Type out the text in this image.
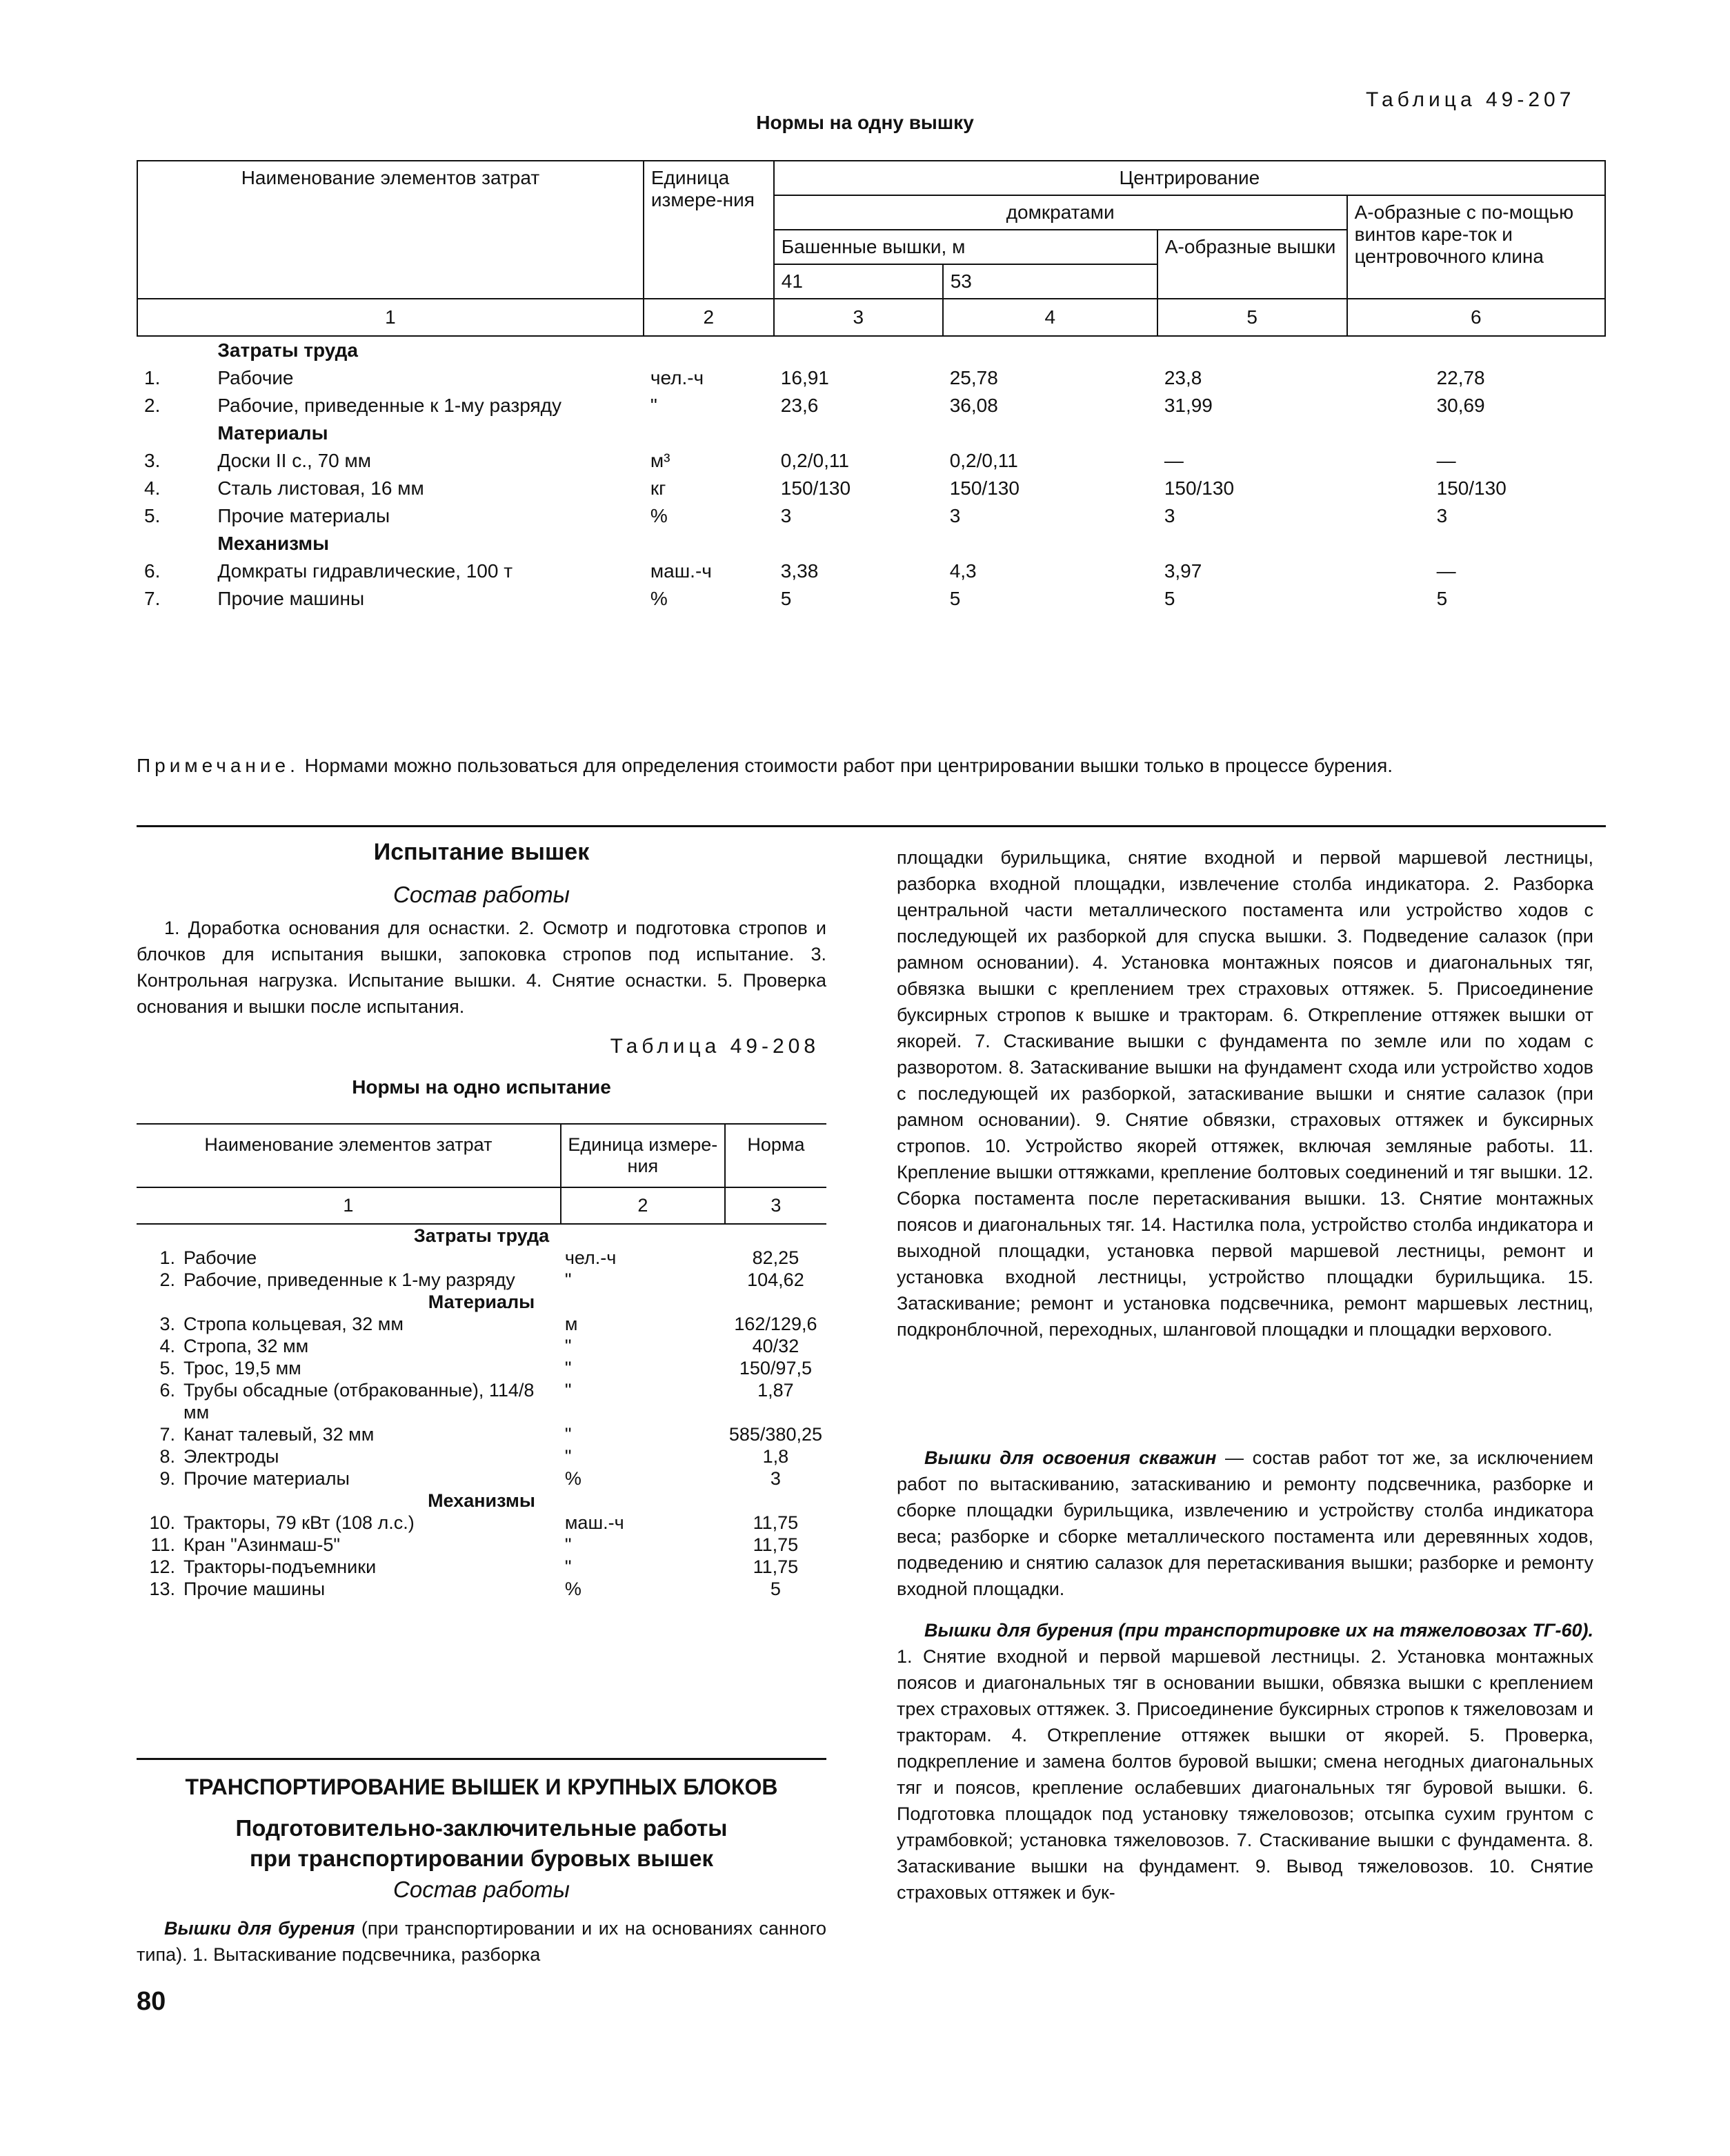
Таблица 49-207
Нормы на одну вышку
Наименование элементов затрат		Единица измере-ния	Центрирование			
			домкратами			А-образные с по-мощью винтов каре-ток и центровочного клина
			Башенные вышки, м		А-образные вышки	
			41	53		
1		2	3	4	5	6
	Затраты труда					
1.	Рабочие	чел.-ч	16,91	25,78	23,8	22,78
2.	Рабочие, приведенные к 1-му разряду	"	23,6	36,08	31,99	30,69
	Материалы					
3.	Доски II с., 70 мм	м³	0,2/0,11	0,2/0,11	—	—
4.	Сталь листовая, 16 мм	кг	150/130	150/130	150/130	150/130
5.	Прочие материалы	%	3	3	3	3
	Механизмы					
6.	Домкраты гидравлические, 100 т	маш.-ч	3,38	4,3	3,97	—
7.	Прочие машины	%	5	5	5	5
Примечание. Нормами можно пользоваться для определения стоимости работ при центрировании вышки только в процессе бурения.
Испытание вышек
Состав работы
1. Доработка основания для оснастки. 2. Осмотр и подготовка стропов и блочков для испытания вышки, запоковка стропов под испытание. 3. Контрольная нагрузка. Испытание вышки. 4. Снятие оснастки. 5. Проверка основания и вышки после испытания.
Таблица 49-208
Нормы на одно испытание
Наименование элементов затрат		Единица измере-ния	Норма
1		2	3
Затраты труда			
1.	Рабочие	чел.-ч	82,25
2.	Рабочие, приведенные к 1-му разряду	"	104,62
Материалы			
3.	Стропа кольцевая, 32 мм	м	162/129,6
4.	Стропа, 32 мм	"	40/32
5.	Трос, 19,5 мм	"	150/97,5
6.	Трубы обсадные (отбракованные), 114/8 мм	"	1,87
7.	Канат талевый, 32 мм	"	585/380,25
8.	Электроды	"	1,8
9.	Прочие материалы	%	3
Механизмы			
10.	Тракторы, 79 кВт (108 л.с.)	маш.-ч	11,75
11.	Кран "Азинмаш-5"	"	11,75
12.	Тракторы-подъемники	"	11,75
13.	Прочие машины	%	5
ТРАНСПОРТИРОВАНИЕ ВЫШЕК И КРУПНЫХ БЛОКОВ
Подготовительно-заключительные работы
при транспортировании буровых вышек
Состав работы
Вышки для бурения (при транспортировании и их на основаниях санного типа). 1. Вытаскивание подсвечника, разборка
80
площадки бурильщика, снятие входной и первой маршевой лестницы, разборка входной площадки, извлечение столба индикатора. 2. Разборка центральной части металлического постамента или устройство ходов с последующей их разборкой для спуска вышки. 3. Подведение салазок (при рамном основании). 4. Установка монтажных поясов и диагональных тяг, обвязка вышки с креплением трех страховых оттяжек. 5. Присоединение буксирных стропов к вышке и тракторам. 6. Открепление оттяжек вышки от якорей. 7. Стаскивание вышки с фундамента по земле или по ходам с разворотом. 8. Затаскивание вышки на фундамент схода или устройство ходов с последующей их разборкой, затаскивание вышки и снятие салазок (при рамном основании). 9. Снятие обвязки, страховых оттяжек и буксирных стропов. 10. Устройство якорей оттяжек, включая земляные работы. 11. Крепление вышки оттяжками, крепление болтовых соединений и тяг вышки. 12. Сборка постамента после перетаскивания вышки. 13. Снятие монтажных поясов и диагональных тяг. 14. Настилка пола, устройство столба индикатора и выходной площадки, установка первой маршевой лестницы, ремонт и установка входной лестницы, устройство площадки бурильщика. 15. Затаскивание; ремонт и установка подсвечника, ремонт маршевых лестниц, подкронблочной, переходных, шланговой площадки и площадки верхового.
Вышки для освоения скважин — состав работ тот же, за исключением работ по вытаскиванию, затаскиванию и ремонту подсвечника, разборке и сборке площадки бурильщика, извлечению и устройству столба индикатора веса; разборке и сборке металлического постамента или деревянных ходов, подведению и снятию салазок для перетаскивания вышки; разборке и ремонту входной площадки.
Вышки для бурения (при транспортировке их на тяжеловозах ТГ-60). 1. Снятие входной и первой маршевой лестницы. 2. Установка монтажных поясов и диагональных тяг в основании вышки, обвязка вышки с креплением трех страховых оттяжек. 3. Присоединение буксирных стропов к тяжеловозам и тракторам. 4. Открепление оттяжек вышки от якорей. 5. Проверка, подкрепление и замена болтов буровой вышки; смена негодных диагональных тяг и поясов, крепление ослабевших диагональных тяг буровой вышки. 6. Подготовка площадок под установку тяжеловозов; отсыпка сухим грунтом с утрамбовкой; установка тяжеловозов. 7. Стаскивание вышки с фундамента. 8. Затаскивание вышки на фундамент. 9. Вывод тяжеловозов. 10. Снятие страховых оттяжек и бук-
